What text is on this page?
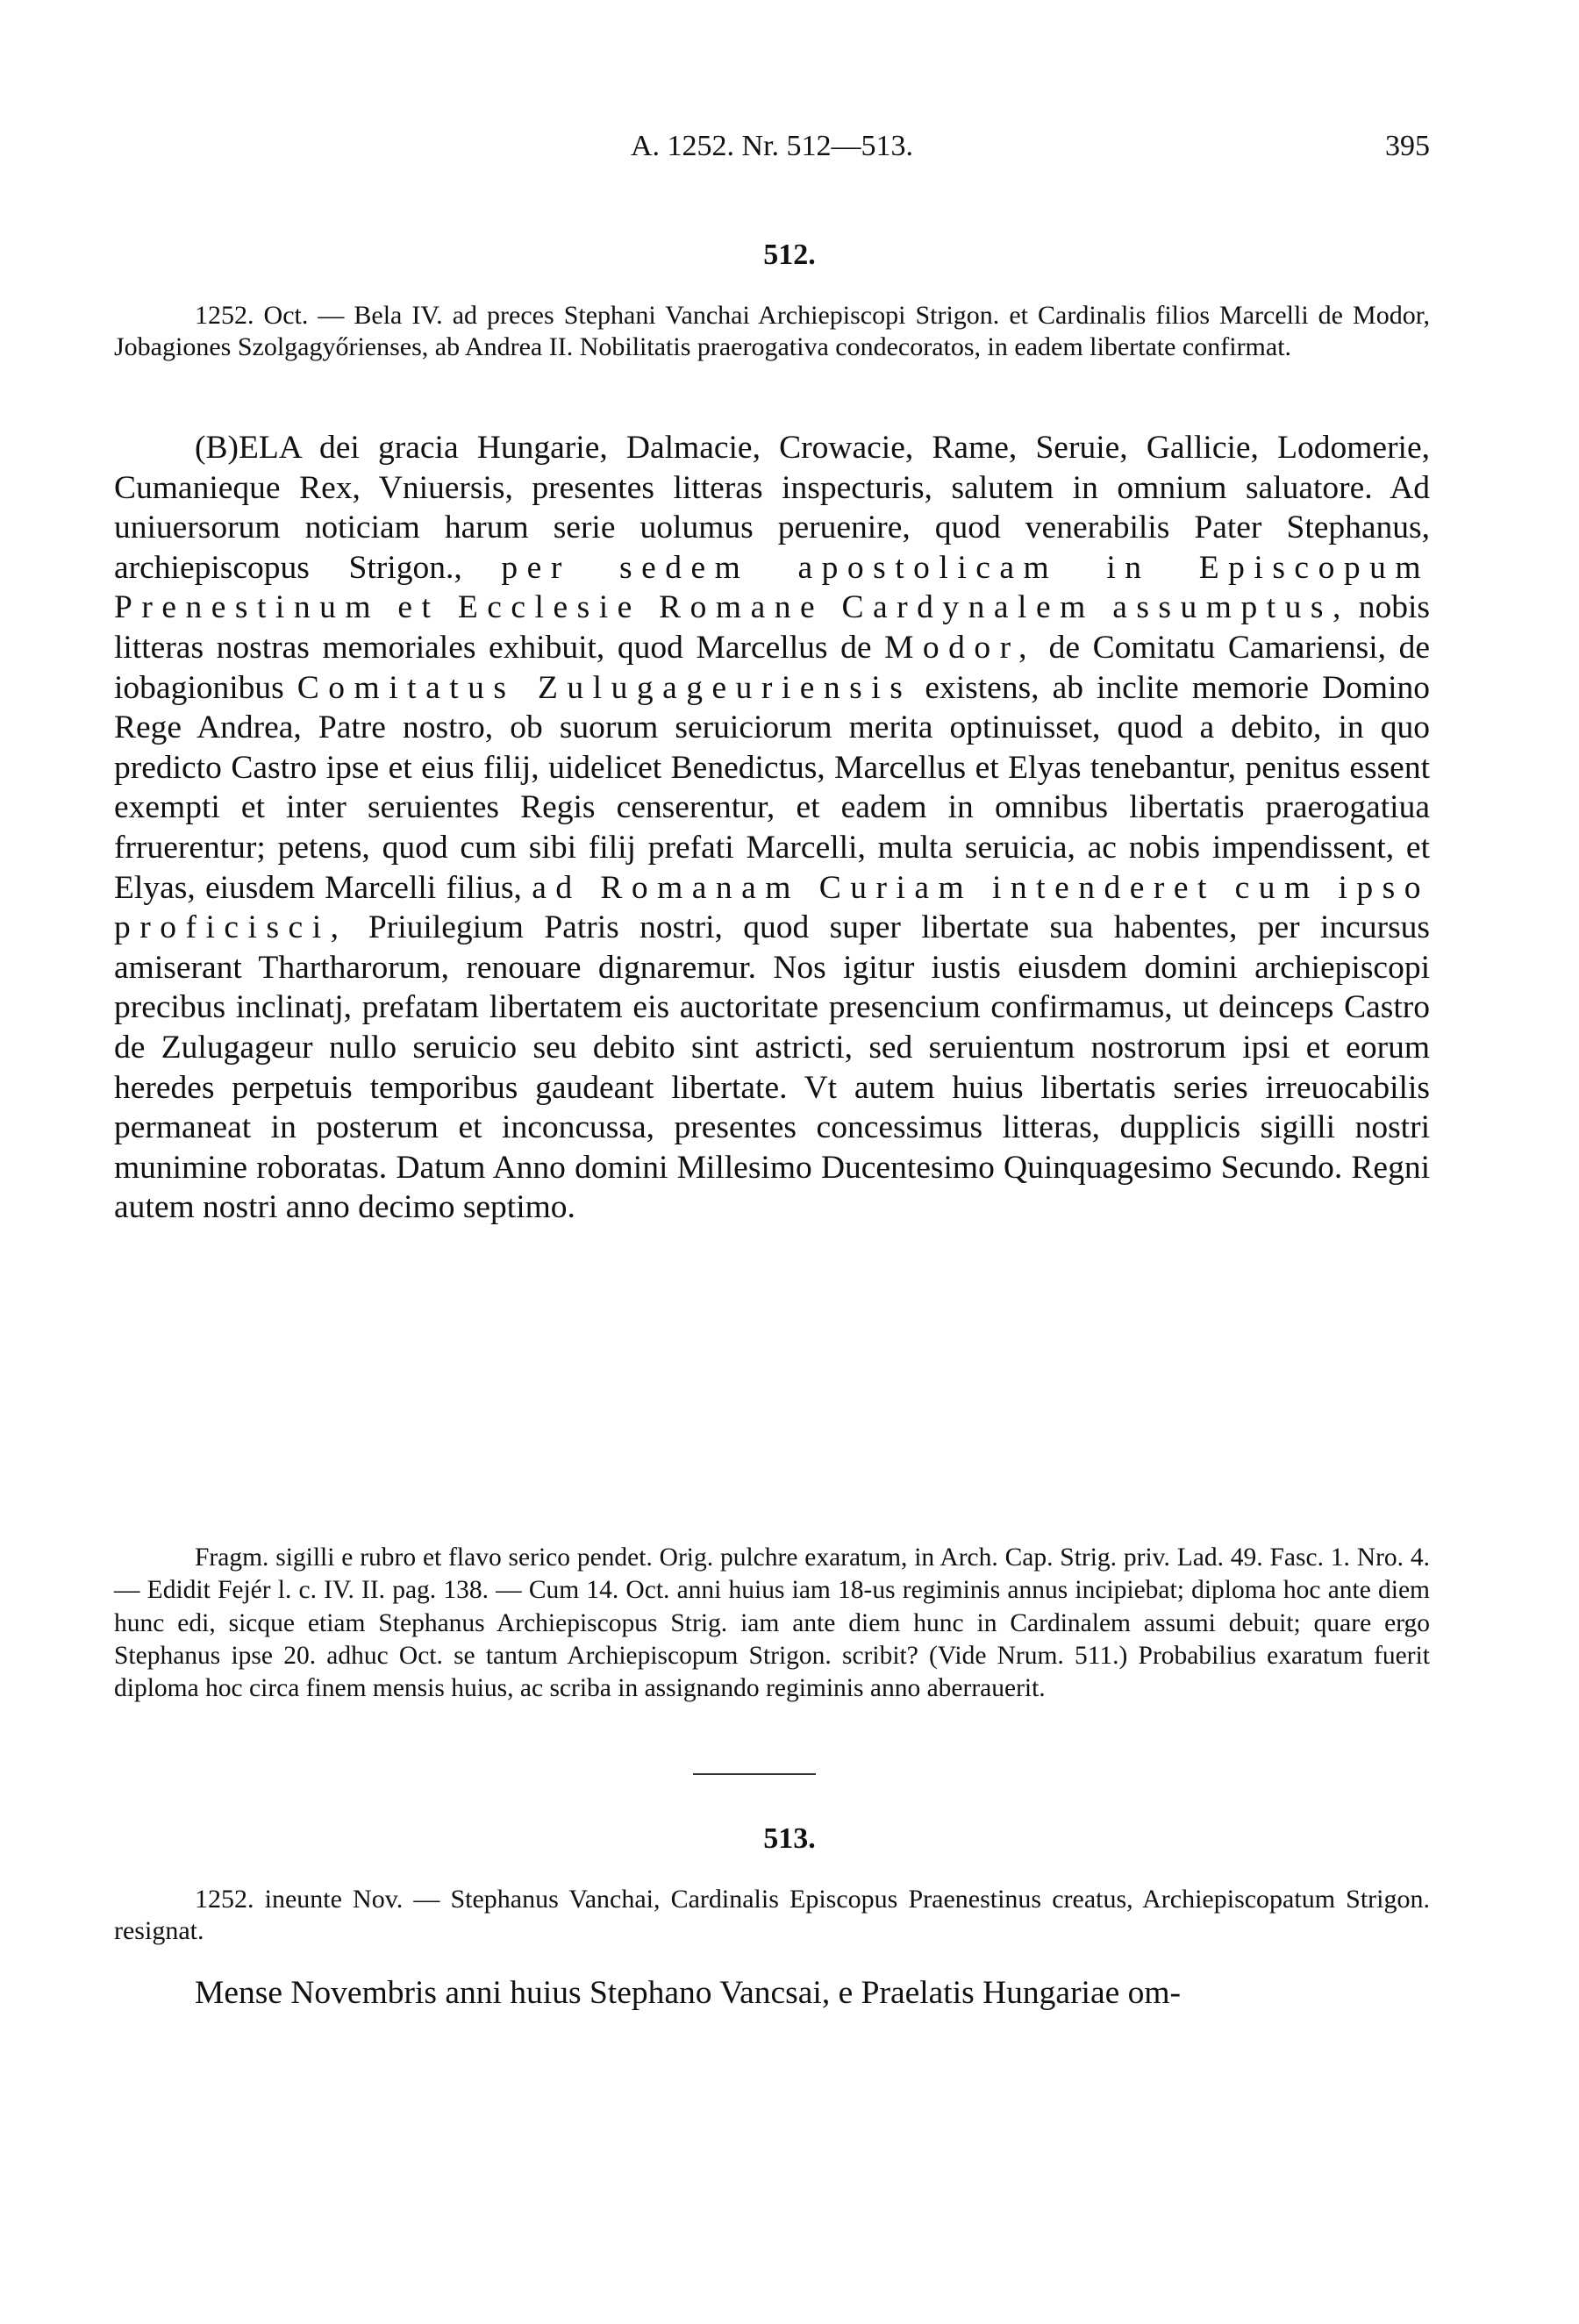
A. 1252. Nr. 512—513.	395
512.

1252. Oct. — Bela IV. ad preces Stephani Vanchai Archiepiscopi Strigon. et Cardinalis filios Marcelli de Modor, Jobagiones Szolgagyőrienses, ab Andrea II. Nobilitatis praerogativa condecoratos, in eadem libertate confirmat.

(B)ELA dei gracia Hungarie, Dalmacie, Crowacie, Rame, Seruie, Gallicie, Lodomerie, Cumanieque Rex, Vniuersis, presentes litteras inspecturis, salutem in omnium saluatore. Ad uniuersorum noticiam harum serie uolumus peruenire, quod venerabilis Pater Stephanus, archiepiscopus Strigon., per sedem apostolicam in Episcopum Prenestinum et Ecclesie Romane Cardynalem assumptus, nobis litteras nostras memoriales exhibuit, quod Marcellus de Modor, de Comitatu Camariensi, de iobagionibus Comitatus Zulugageuriensis existens, ab inclite memorie Domino Rege Andrea, Patre nostro, ob suorum seruiciorum merita optinuisset, quod a debito, in quo predicto Castro ipse et eius filij, uidelicet Benedictus, Marcellus et Elyas tenebantur, penitus essent exempti et inter seruientes Regis censerentur, et eadem in omnibus libertatis praerogatiua frruerentur; petens, quod cum sibi filij prefati Marcelli, multa seruicia, ac nobis impendissent, et Elyas, eiusdem Marcelli filius, ad Romanam Curiam intenderet cum ipso proficisci, Priuilegium Patris nostri, quod super libertate sua habentes, per incursus amiserant Thartharorum, renouare dignaremur. Nos igitur iustis eiusdem domini archiepiscopi precibus inclinatj, prefatam libertatem eis auctoritate presencium confirmamus, ut deinceps Castro de Zulugageur nullo seruicio seu debito sint astricti, sed seruientum nostrorum ipsi et eorum heredes perpetuis temporibus gaudeant libertate. Vt autem huius libertatis series irreuocabilis permaneat in posterum et inconcussa, presentes concessimus litteras, dupplicis sigilli nostri munimine roboratas. Datum Anno domini Millesimo Ducentesimo Quinquagesimo Secundo. Regni autem nostri anno decimo septimo.

Fragm. sigilli e rubro et flavo serico pendet. Orig. pulchre exaratum, in Arch. Cap. Strig. priv. Lad. 49. Fasc. 1. Nro. 4. — Edidit Fejér l. c. IV. II. pag. 138. — Cum 14. Oct. anni huius iam 18-us regiminis annus incipiebat; diploma hoc ante diem hunc edi, sicque etiam Stephanus Archiepiscopus Strig. iam ante diem hunc in Cardinalem assumi debuit; quare ergo Stephanus ipse 20. adhuc Oct. se tantum Archiepiscopum Strigon. scribit? (Vide Nrum. 511.) Probabilius exaratum fuerit diploma hoc circa finem mensis huius, ac scriba in assignando regiminis anno aberrauerit.

513.

1252. ineunte Nov. — Stephanus Vanchai, Cardinalis Episcopus Praenestinus creatus, Archiepiscopatum Strigon. resignat.

Mense Novembris anni huius Stephano Vancsai, e Praelatis Hungariae om-
